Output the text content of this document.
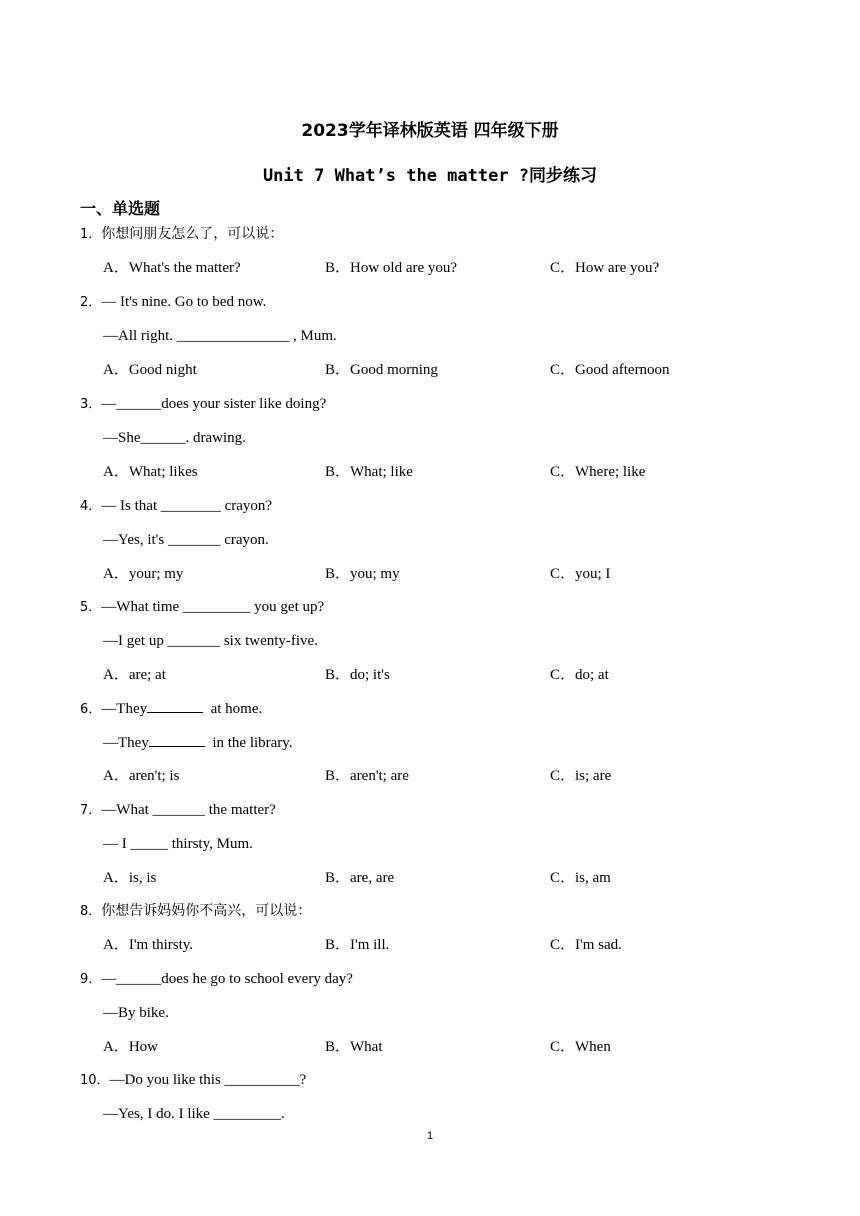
2023学年译林版英语 四年级下册
Unit 7 What’s the matter ?同步练习
一、单选题
1．你想问朋友怎么了，可以说：
A．What's the matter?	B．How old are you?	C．How are you?
2．— It's nine. Go to bed now.
—All right. _______________ , Mum.
A．Good night	B．Good morning	C．Good afternoon
3．—______does your sister like doing?
—She______. drawing.
A．What; likes	B．What; like	C．Where; like
4．— Is that ________ crayon?
—Yes, it's _______ crayon.
A．your; my	B．you; my	C．you; I
5．—What time _________ you get up?
—I get up _______ six twenty-five.
A．are; at	B．do; it's	C．do; at
6．—They	at home.
—They	in the library.
A．aren't; is	B．aren't; are	C．is; are
7．—What _______ the matter?
— I _____ thirsty, Mum.
A．is, is	B．are, are	C．is, am
8．你想告诉妈妈你不高兴，可以说：
A．I'm thirsty.	B．I'm ill.	C．I'm sad.
9．—______does he go to school every day?
—By bike.
A．How	B．What	C．When
10．—Do you like this __________?
—Yes, I do. I like _________.
1
